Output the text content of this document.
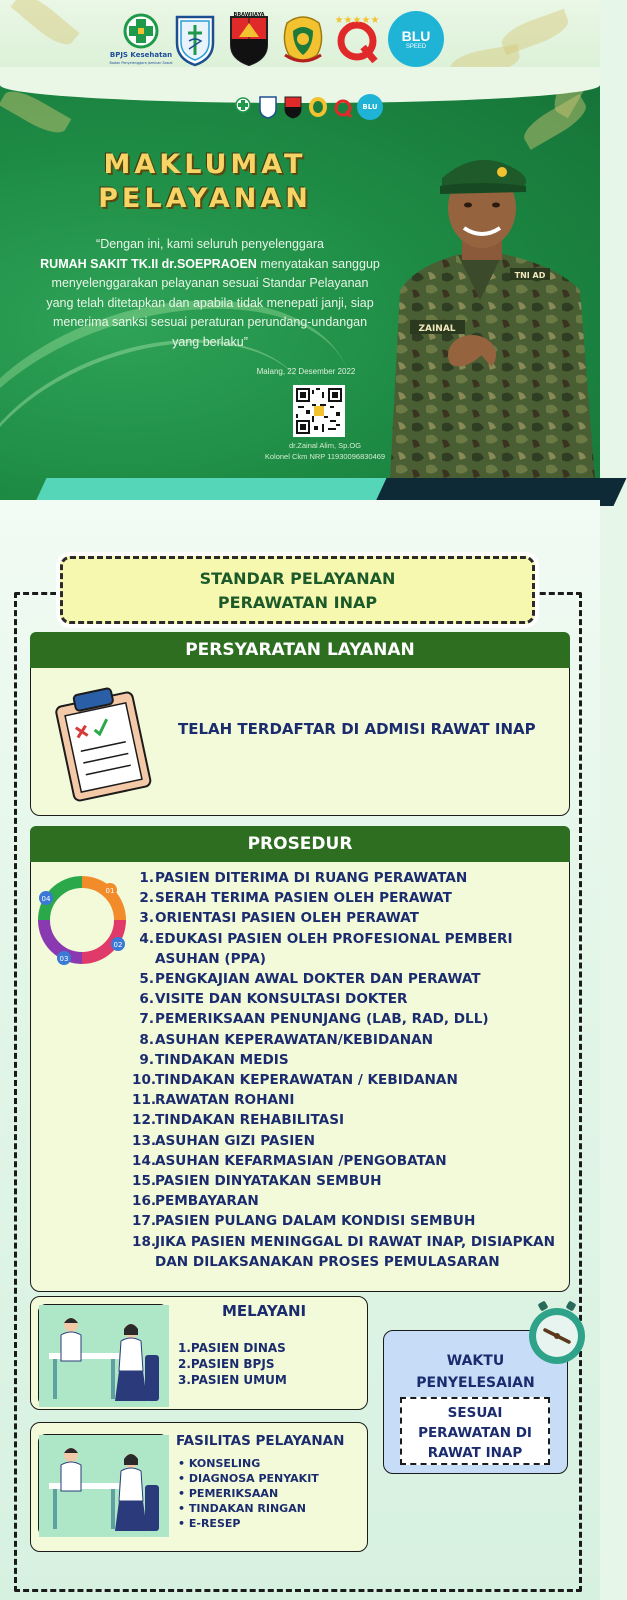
BPJS Kesehatan
Badan Penyelenggara Jaminan Sosial
BRAWIJAYA	★★★★★
BLU
SPEED
BLU
MAKLUMAT
PELAYANAN
“Dengan ini, kami seluruh penyelenggara
RUMAH SAKIT TK.II dr.SOEPRAOEN menyatakan sanggup menyelenggarakan pelayanan sesuai Standar Pelayanan yang telah ditetapkan dan apabila tidak menepati janji, siap menerima sanksi sesuai peraturan perundang-undangan yang berlaku”
Malang, 22 Desember 2022
dr.Zainal Alim, Sp.OG
Kolonel Ckm NRP 11930096830469
ZAINAL
TNI AD
STANDAR PELAYANAN
PERAWATAN INAP
PERSYARATAN LAYANAN
TELAH TERDAFTAR DI ADMISI RAWAT INAP
PROSEDUR
01
02
03
04
1. PASIEN DITERIMA DI RUANG PERAWATAN
2. SERAH TERIMA PASIEN OLEH PERAWAT
3. ORIENTASI PASIEN OLEH PERAWAT
4. EDUKASI PASIEN OLEH PROFESIONAL PEMBERI ASUHAN (PPA)
5. PENGKAJIAN AWAL DOKTER DAN PERAWAT
6. VISITE DAN KONSULTASI DOKTER
7. PEMERIKSAAN PENUNJANG (LAB, RAD, DLL)
8. ASUHAN KEPERAWATAN/KEBIDANAN
9. TINDAKAN MEDIS
10.
TINDAKAN KEPERAWATAN / KEBIDANAN
11.
RAWATAN ROHANI
12.
TINDAKAN REHABILITASI
13.
ASUHAN GIZI PASIEN
14.
ASUHAN KEFARMASIAN /PENGOBATAN
15.
PASIEN DINYATAKAN SEMBUH
16.
PEMBAYARAN
17.
PASIEN PULANG DALAM KONDISI SEMBUH
18.
JIKA PASIEN MENINGGAL DI RAWAT INAP, DISIAPKAN DAN DILAKSANAKAN PROSES PEMULASARAN
MELAYANI
1.PASIEN DINAS
2.PASIEN BPJS
3.PASIEN UMUM
FASILITAS PELAYANAN
• KONSELING
• DIAGNOSA PENYAKIT
• PEMERIKSAAN
• TINDAKAN RINGAN
• E-RESEP
WAKTU
PENYELESAIAN
SESUAI
PERAWATAN DI
RAWAT INAP
